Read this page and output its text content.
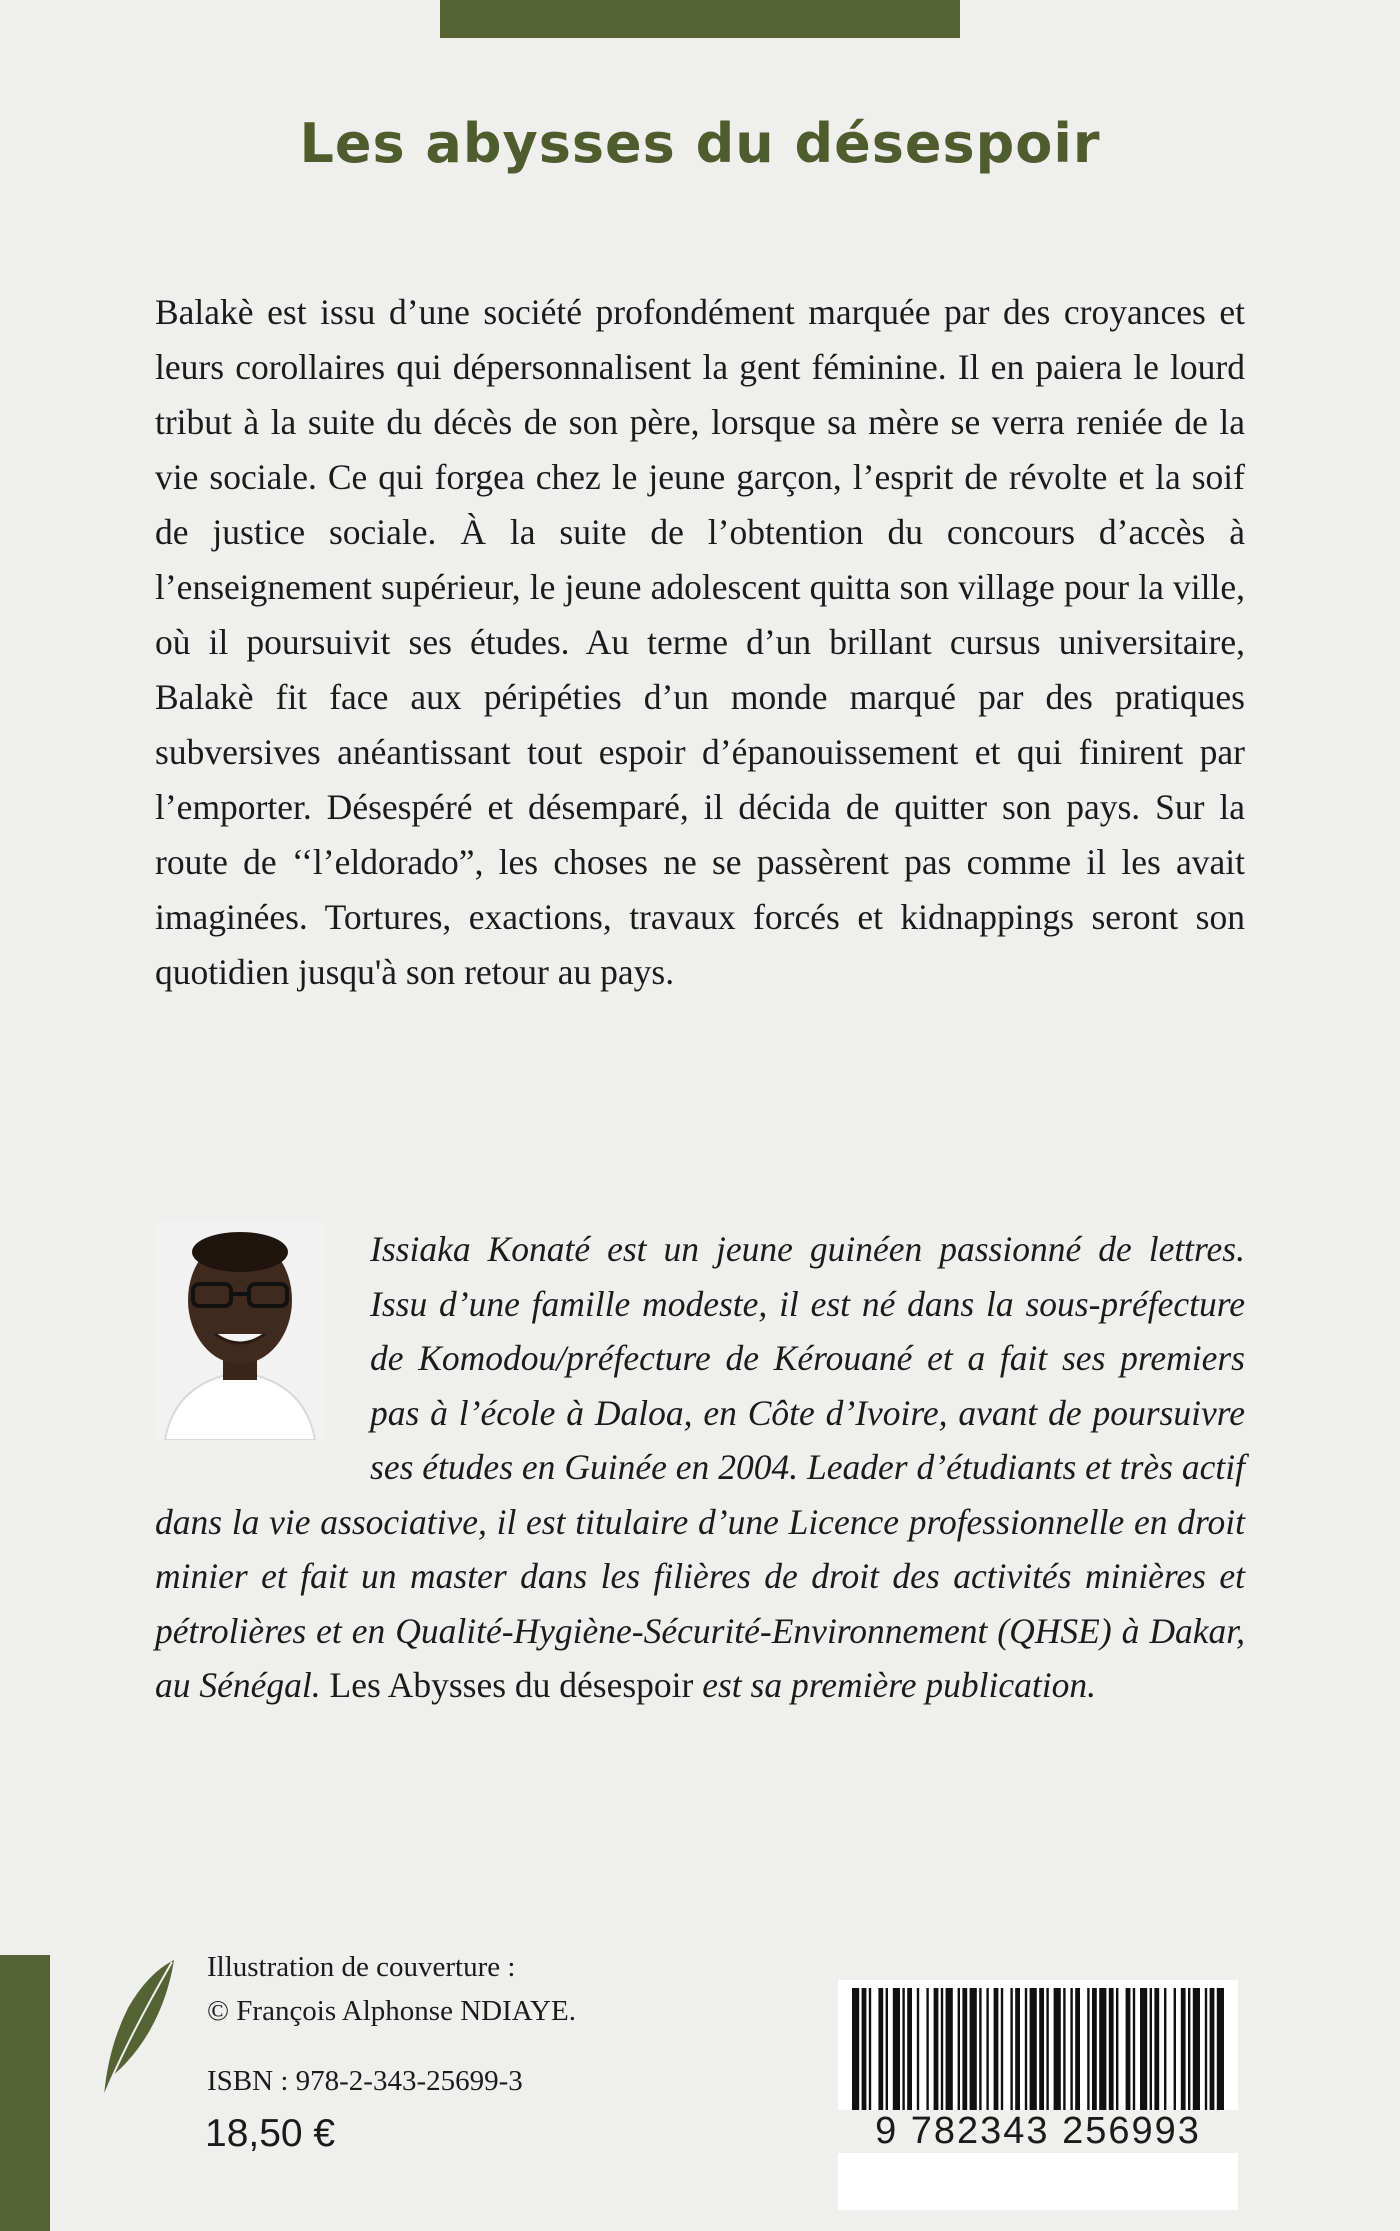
Les abysses du désespoir

Balakè est issu d’une société profondément marquée par des croyances et leurs corollaires qui dépersonnalisent la gent féminine. Il en paiera le lourd tribut à la suite du décès de son père, lorsque sa mère se verra reniée de la vie sociale. Ce qui forgea chez le jeune garçon, l’esprit de révolte et la soif de justice sociale. À la suite de l’obtention du concours d’accès à l’enseignement supérieur, le jeune adolescent quitta son village pour la ville, où il poursuivit ses études. Au terme d’un brillant cursus universitaire, Balakè fit face aux péripéties d’un monde marqué par des pratiques subversives anéantissant tout espoir d’épanouissement et qui finirent par l’emporter. Désespéré et désemparé, il décida de quitter son pays. Sur la route de ‘‘l’eldorado”, les choses ne se passèrent pas comme il les avait imaginées. Tortures, exactions, travaux forcés et kidnappings seront son quotidien jusqu'à son retour au pays.

Issiaka Konaté est un jeune guinéen passionné de lettres. Issu d’une famille modeste, il est né dans la sous-préfecture de Komodou/préfecture de Kérouané et a fait ses premiers pas à l’école à Daloa, en Côte d’Ivoire, avant de poursuivre ses études en Guinée en 2004. Leader d’étudiants et très actif dans la vie associative, il est titulaire d’une Licence professionnelle en droit minier et fait un master dans les filières de droit des activités minières et pétrolières et en Qualité-Hygiène-Sécurité-Environnement (QHSE) à Dakar, au Sénégal. Les Abysses du désespoir est sa première publication.

Illustration de couverture :
© François Alphonse NDIAYE.

ISBN : 978-2-343-25699-3
18,50 €	9 782343 256993
